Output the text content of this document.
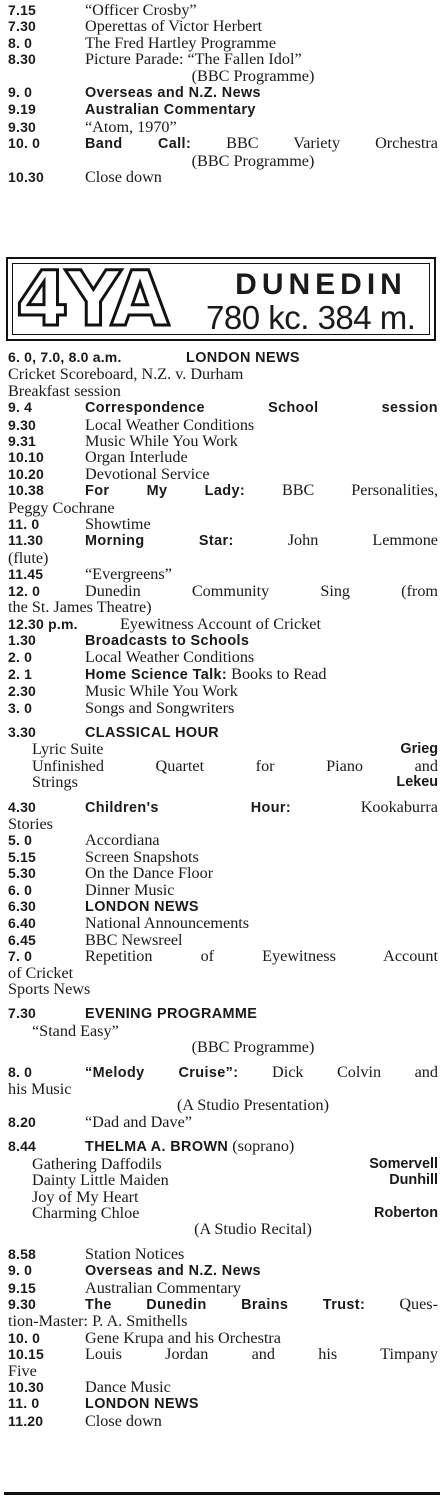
7.15	“Officer Crosby”
7.30	Operettas of Victor Herbert
8. 0	The Fred Hartley Programme
8.30	Picture Parade: “The Fallen Idol”
(BBC Programme)
9. 0	Overseas and N.Z. News
9.19	Australian Commentary
9.30	“Atom, 1970”
10. 0	Band Call: BBC Variety Orchestra
(BBC Programme)
10.30	Close down
4YA	DUNEDIN
780 kc. 384 m.
6. 0, 7.0, 8.0 a.m.	LONDON NEWS
Cricket Scoreboard, N.Z. v. Durham
Breakfast session
9. 4	Correspondence School session
9.30	Local Weather Conditions
9.31	Music While You Work
10.10	Organ Interlude
10.20	Devotional Service
10.38	For My Lady: BBC Personalities,
Peggy Cochrane
11. 0	Showtime
11.30	Morning Star:	John Lemmone
(flute)
11.45	“Evergreens”
12. 0	Dunedin Community Sing (from
the St. James Theatre)
12.30 p.m.	Eyewitness Account of Cricket
1.30	Broadcasts to Schools
2. 0	Local Weather Conditions
2. 1	Home Science Talk: Books to Read
2.30	Music While You Work
3. 0	Songs and Songwriters
3.30	CLASSICAL HOUR
Lyric Suite	Grieg
Unfinished Quartet for Piano and
Strings	Lekeu
4.30	Children's Hour:	Kookaburra
Stories
5. 0	Accordiana
5.15	Screen Snapshots
5.30	On the Dance Floor
6. 0	Dinner Music
6.30	LONDON NEWS
6.40	National Announcements
6.45	BBC Newsreel
7. 0	Repetition of Eyewitness Account
of Cricket
Sports News
7.30	EVENING PROGRAMME
“Stand Easy”
(BBC Programme)
8. 0	“Melody Cruise”: Dick Colvin and
his Music
(A Studio Presentation)
8.20	“Dad and Dave”
8.44	THELMA A. BROWN (soprano)
Gathering Daffodils	Somervell
Dainty Little Maiden	Dunhill
Joy of My Heart
Charming Chloe	Roberton
(A Studio Recital)
8.58	Station Notices
9. 0	Overseas and N.Z. News
9.15	Australian Commentary
9.30	The Dunedin Brains Trust: Ques-
tion-Master: P. A. Smithells
10. 0	Gene Krupa and his Orchestra
10.15	Louis Jordan and his Timpany
Five
10.30	Dance Music
11. 0	LONDON NEWS
11.20	Close down
